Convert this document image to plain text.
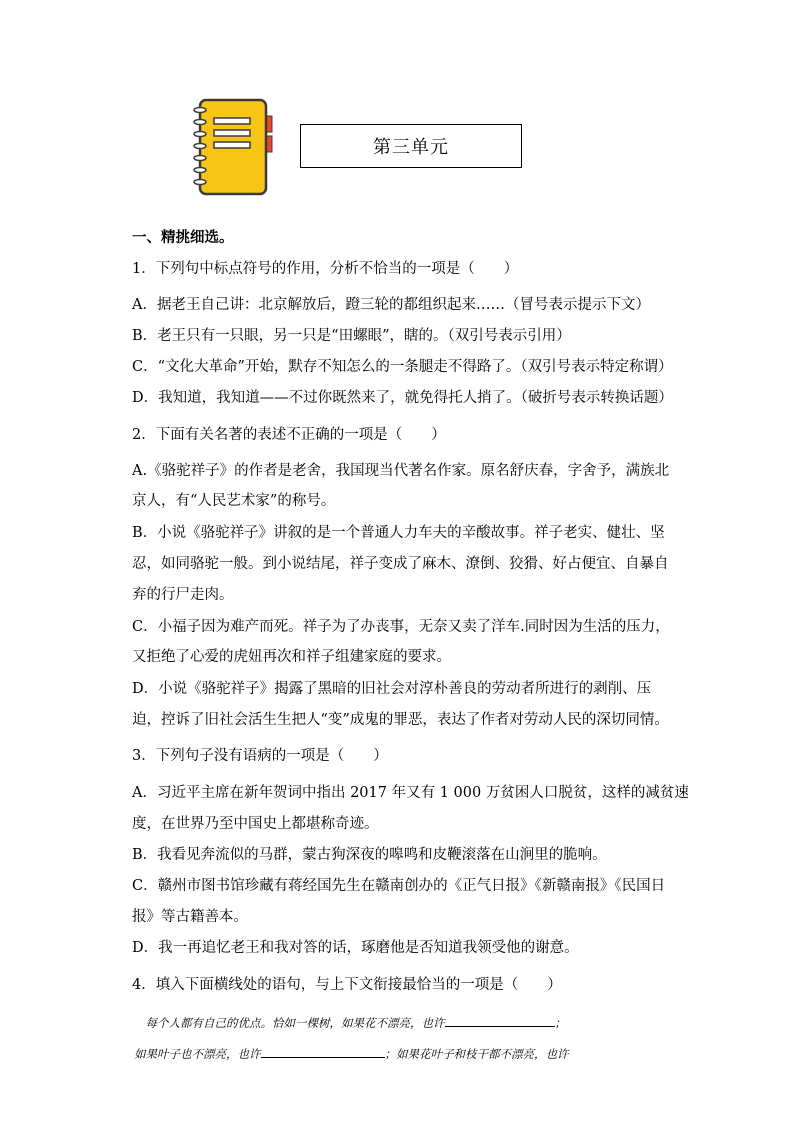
第三单元
一、精挑细选。
1．下列句中标点符号的作用，分析不恰当的一项是（　　）
A．据老王自己讲：北京解放后，蹬三轮的都组织起来……（冒号表示提示下文）
B．老王只有一只眼，另一只是“田螺眼”，瞎的。（双引号表示引用）
C．“文化大革命”开始，默存不知怎么的一条腿走不得路了。（双引号表示特定称谓）
D．我知道，我知道——不过你既然来了，就免得托人捎了。（破折号表示转换话题）
2．下面有关名著的表述不正确的一项是（　　）
A.《骆驼祥子》的作者是老舍，我国现当代著名作家。原名舒庆春，字舍予，满族北
京人，有“人民艺术家”的称号。
B．小说《骆驼祥子》讲叙的是一个普通人力车夫的辛酸故事。祥子老实、健壮、坚
忍，如同骆驼一般。到小说结尾，祥子变成了麻木、潦倒、狡猾、好占便宜、自暴自
弃的行尸走肉。
C．小福子因为难产而死。祥子为了办丧事，无奈又卖了洋车.同时因为生活的压力，
又拒绝了心爱的虎妞再次和祥子组建家庭的要求。
D．小说《骆驼祥子》揭露了黑暗的旧社会对淳朴善良的劳动者所进行的剥削、压
迫，控诉了旧社会活生生把人“变”成鬼的罪恶，表达了作者对劳动人民的深切同情。
3．下列句子没有语病的一项是（　　）
A．习近平主席在新年贺词中指出 2017 年又有 1 000 万贫困人口脱贫，这样的减贫速
度，在世界乃至中国史上都堪称奇迹。
B．我看见奔流似的马群，蒙古狗深夜的嗥鸣和皮鞭滚落在山涧里的脆响。
C．赣州市图书馆珍藏有蒋经国先生在赣南创办的《正气日报》《新赣南报》《民国日
报》等古籍善本。
D．我一再追忆老王和我对答的话，琢磨他是否知道我领受他的谢意。
4．填入下面横线处的语句，与上下文衔接最恰当的一项是（　　）
　每个人都有自己的优点。恰如一棵树，如果花不漂亮，也许	；
如果叶子也不漂亮，也许	；如果花叶子和枝干都不漂亮，也许
